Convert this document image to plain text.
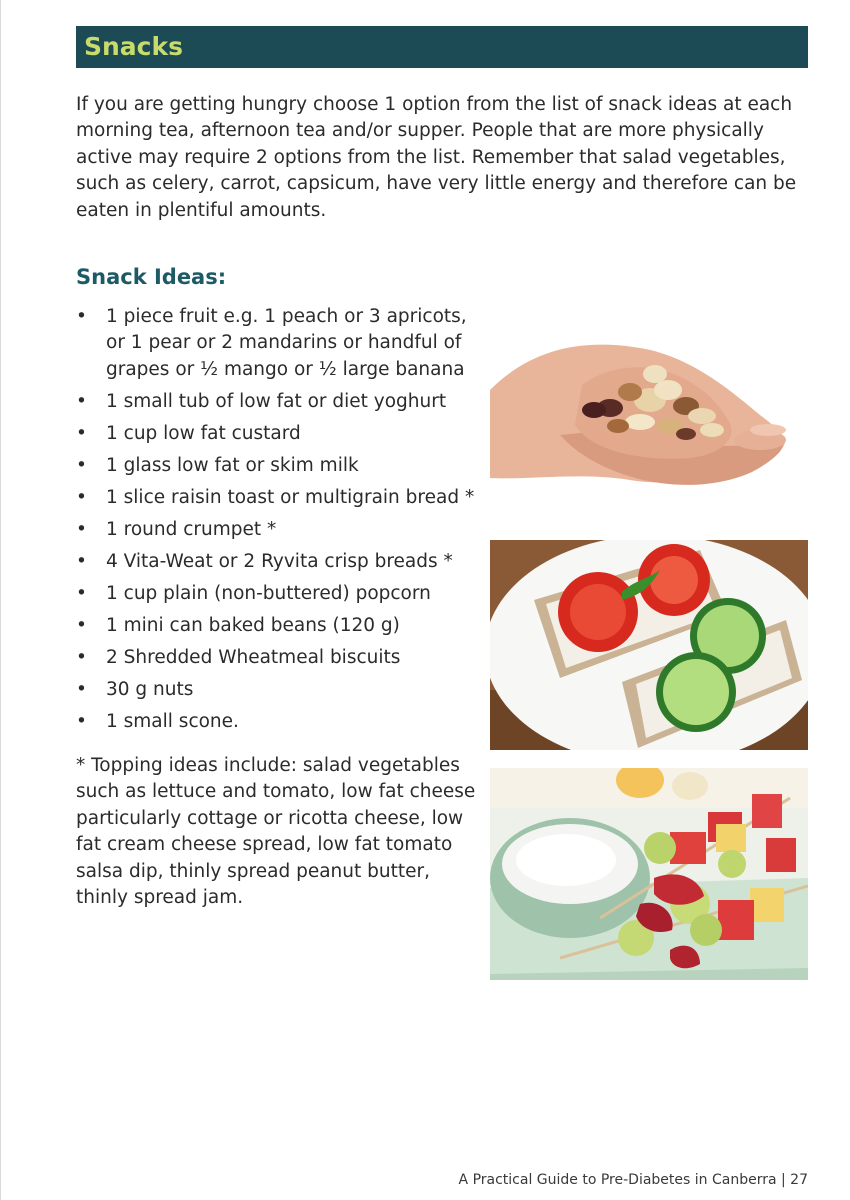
Snacks

If you are getting hungry choose 1 option from the list of snack ideas at each morning tea, afternoon tea and/or supper. People that are more physically active may require 2 options from the list. Remember that salad vegetables, such as celery, carrot, capsicum, have very little energy and therefore can be eaten in plentiful amounts.

Snack Ideas:
• 1 piece fruit e.g. 1 peach or 3 apricots, or 1 pear or 2 mandarins or handful of grapes or ½ mango or ½ large banana
• 1 small tub of low fat or diet yoghurt
• 1 cup low fat custard
• 1 glass low fat or skim milk
• 1 slice raisin toast or multigrain bread *
• 1 round crumpet *
• 4 Vita-Weat or 2 Ryvita crisp breads *
• 1 cup plain (non-buttered) popcorn
• 1 mini can baked beans (120 g)
• 2 Shredded Wheatmeal biscuits
• 30 g nuts
• 1 small scone.

* Topping ideas include: salad vegetables such as lettuce and tomato, low fat cheese particularly cottage or ricotta cheese, low fat cream cheese spread, low fat tomato salsa dip, thinly spread peanut butter, thinly spread jam.

A Practical Guide to Pre-Diabetes in Canberra | 27
